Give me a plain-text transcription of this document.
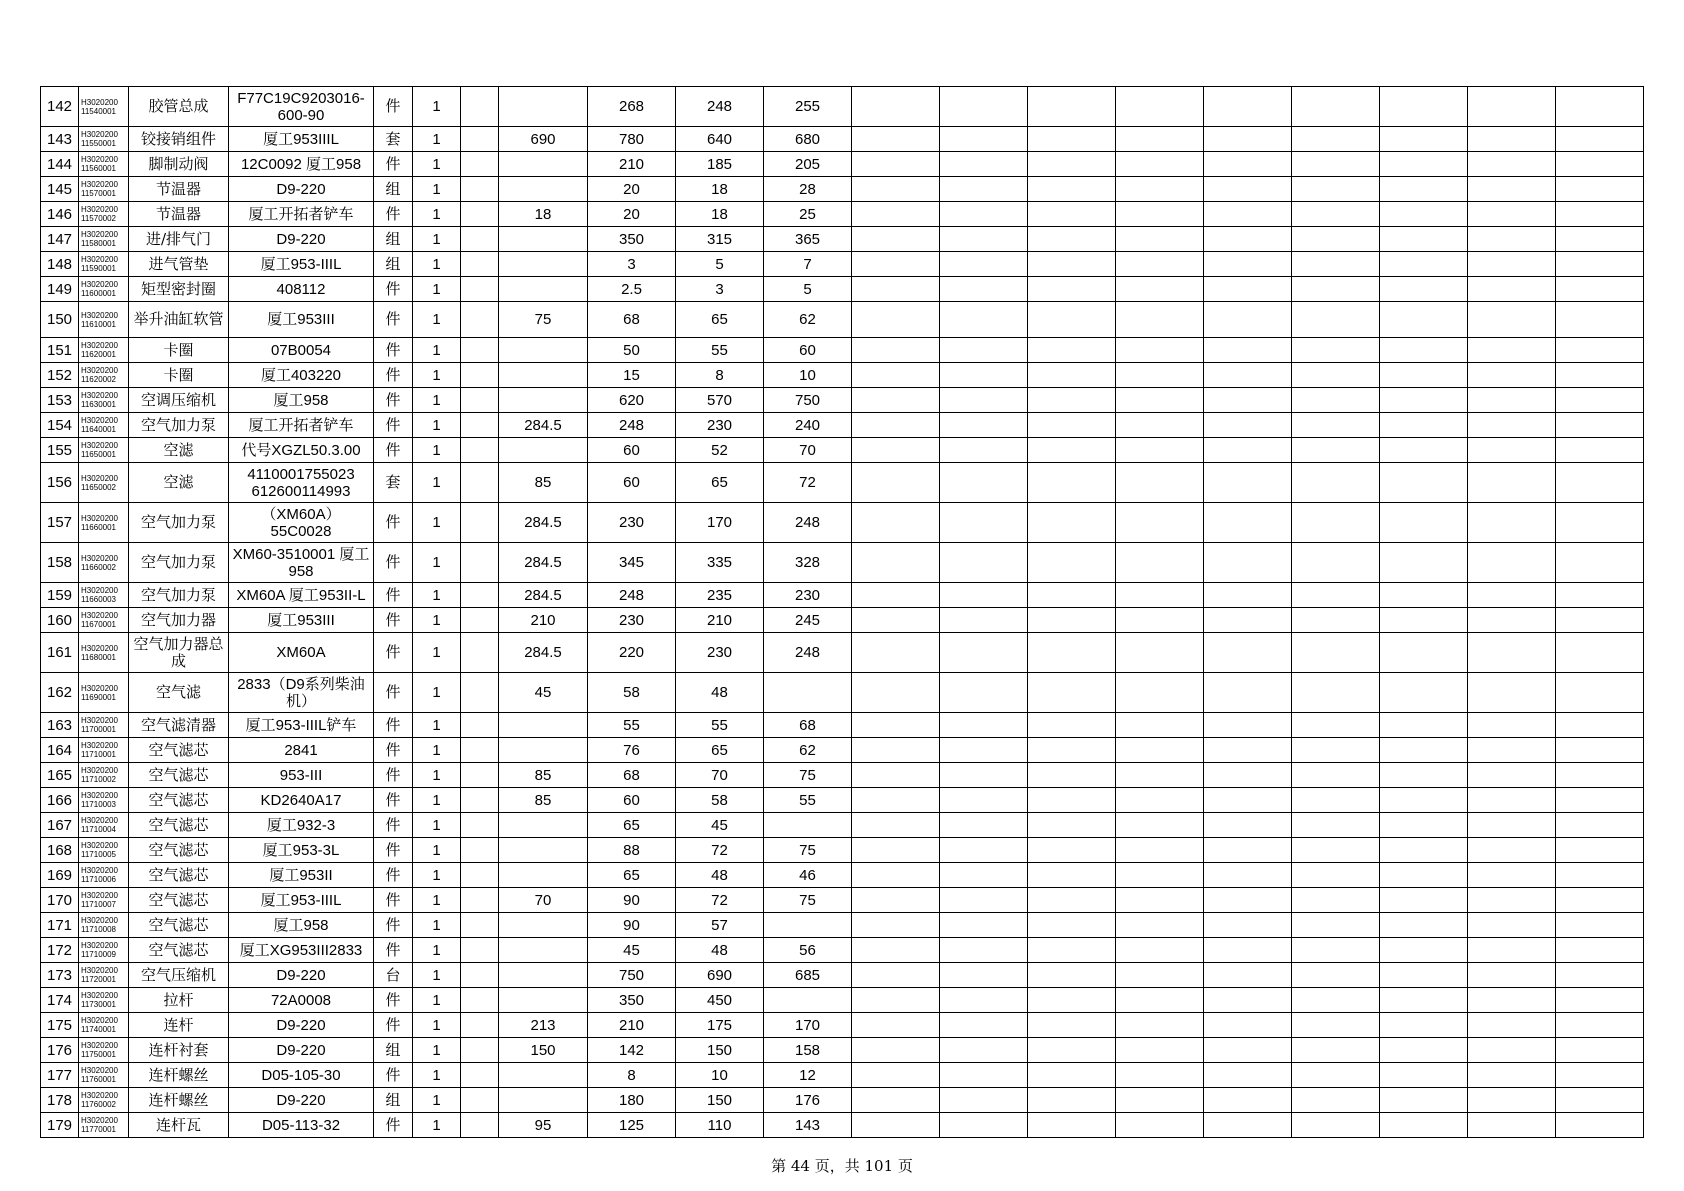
142	H3020200 11540001	胶管总成	F77C19C9203016-600-90	件	1			268	248	255									
143	H3020200 11550001	铰接销组件	厦工953IIIL	套	1		690	780	640	680									
144	H3020200 11560001	脚制动阀	12C0092 厦工958	件	1			210	185	205									
145	H3020200 11570001	节温器	D9-220	组	1			20	18	28									
146	H3020200 11570002	节温器	厦工开拓者铲车	件	1		18	20	18	25									
147	H3020200 11580001	进/排气门	D9-220	组	1			350	315	365									
148	H3020200 11590001	进气管垫	厦工953-IIIL	组	1			3	5	7									
149	H3020200 11600001	矩型密封圈	408112	件	1			2.5	3	5									
150	H3020200 11610001	举升油缸软管	厦工953III	件	1		75	68	65	62									
151	H3020200 11620001	卡圈	07B0054	件	1			50	55	60									
152	H3020200 11620002	卡圈	厦工403220	件	1			15	8	10									
153	H3020200 11630001	空调压缩机	厦工958	件	1			620	570	750									
154	H3020200 11640001	空气加力泵	厦工开拓者铲车	件	1		284.5	248	230	240									
155	H3020200 11650001	空滤	代号XGZL50.3.00	件	1			60	52	70									
156	H3020200 11650002	空滤	4110001755023 612600114993	套	1		85	60	65	72									
157	H3020200 11660001	空气加力泵	（XM60A） 55C0028	件	1		284.5	230	170	248									
158	H3020200 11660002	空气加力泵	XM60-3510001 厦工958	件	1		284.5	345	335	328									
159	H3020200 11660003	空气加力泵	XM60A 厦工953II-L	件	1		284.5	248	235	230									
160	H3020200 11670001	空气加力器	厦工953III	件	1		210	230	210	245									
161	H3020200 11680001	空气加力器总成	XM60A	件	1		284.5	220	230	248									
162	H3020200 11690001	空气滤	2833（D9系列柴油机）	件	1		45	58	48										
163	H3020200 11700001	空气滤清器	厦工953-IIIL铲车	件	1			55	55	68									
164	H3020200 11710001	空气滤芯	2841	件	1			76	65	62									
165	H3020200 11710002	空气滤芯	953-III	件	1		85	68	70	75									
166	H3020200 11710003	空气滤芯	KD2640A17	件	1		85	60	58	55									
167	H3020200 11710004	空气滤芯	厦工932-3	件	1			65	45										
168	H3020200 11710005	空气滤芯	厦工953-3L	件	1			88	72	75									
169	H3020200 11710006	空气滤芯	厦工953II	件	1			65	48	46									
170	H3020200 11710007	空气滤芯	厦工953-IIIL	件	1		70	90	72	75									
171	H3020200 11710008	空气滤芯	厦工958	件	1			90	57										
172	H3020200 11710009	空气滤芯	厦工XG953III2833	件	1			45	48	56									
173	H3020200 11720001	空气压缩机	D9-220	台	1			750	690	685									
174	H3020200 11730001	拉杆	72A0008	件	1			350	450										
175	H3020200 11740001	连杆	D9-220	件	1		213	210	175	170									
176	H3020200 11750001	连杆衬套	D9-220	组	1		150	142	150	158									
177	H3020200 11760001	连杆螺丝	D05-105-30	件	1			8	10	12									
178	H3020200 11760002	连杆螺丝	D9-220	组	1			180	150	176									
179	H3020200 11770001	连杆瓦	D05-113-32	件	1		95	125	110	143									
第 44 页，共 101 页
